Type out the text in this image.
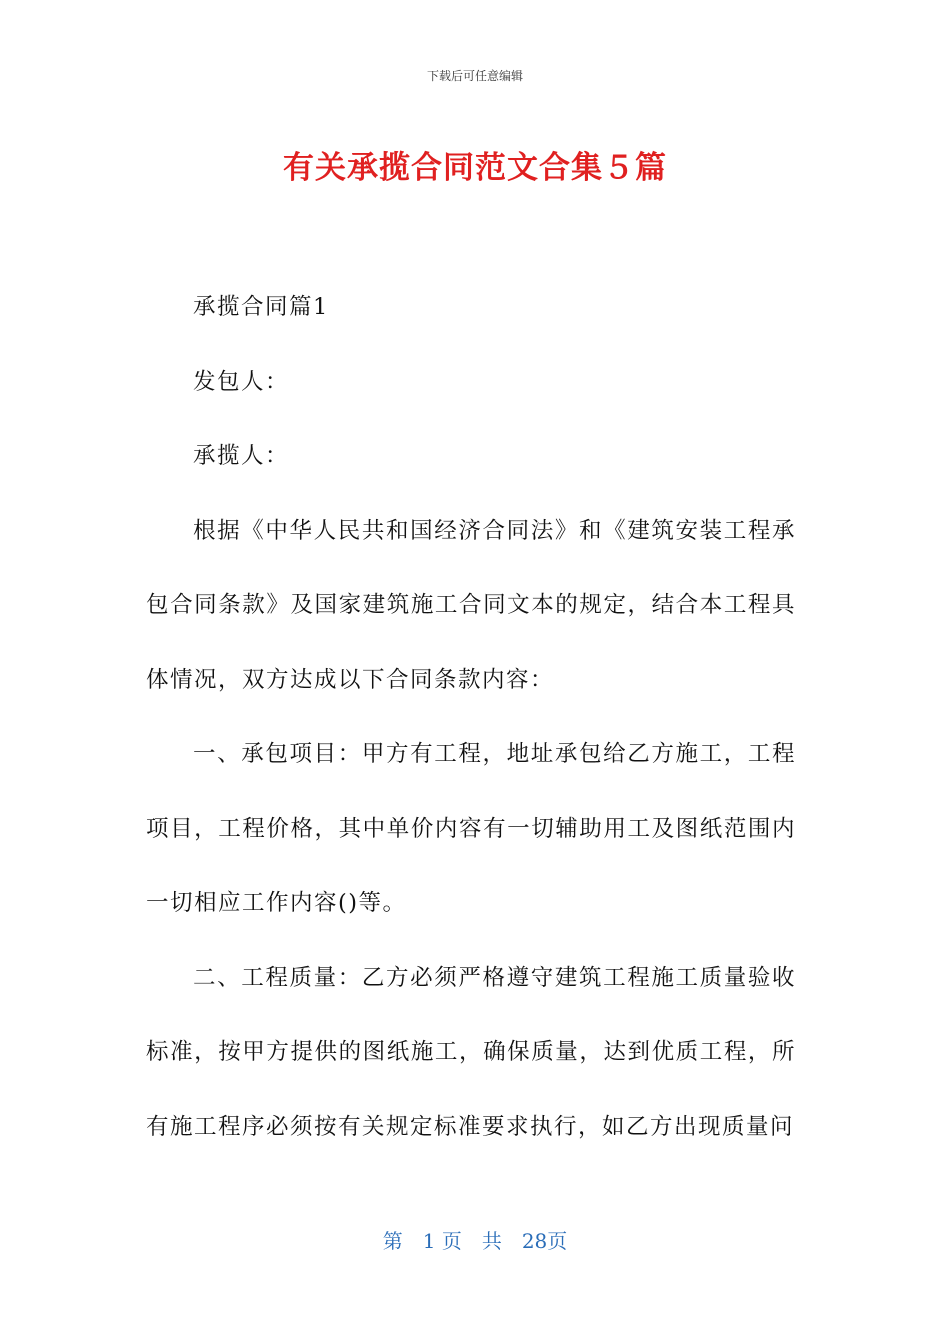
下载后可任意编辑
有关承揽合同范文合集５篇

承揽合同篇1

发包人：

承揽人：

根据《中华人民共和国经济合同法》和《建筑安装工程承包合同条款》及国家建筑施工合同文本的规定，结合本工程具体情况，双方达成以下合同条款内容：

一、承包项目：甲方有工程，地址承包给乙方施工，工程项目，工程价格，其中单价内容有一切辅助用工及图纸范围内一切相应工作内容()等。

二、工程质量：乙方必须严格遵守建筑工程施工质量验收标准，按甲方提供的图纸施工，确保质量，达到优质工程，所有施工程序必须按有关规定标准要求执行，如乙方出现质量问

第　1 页　共　28页
